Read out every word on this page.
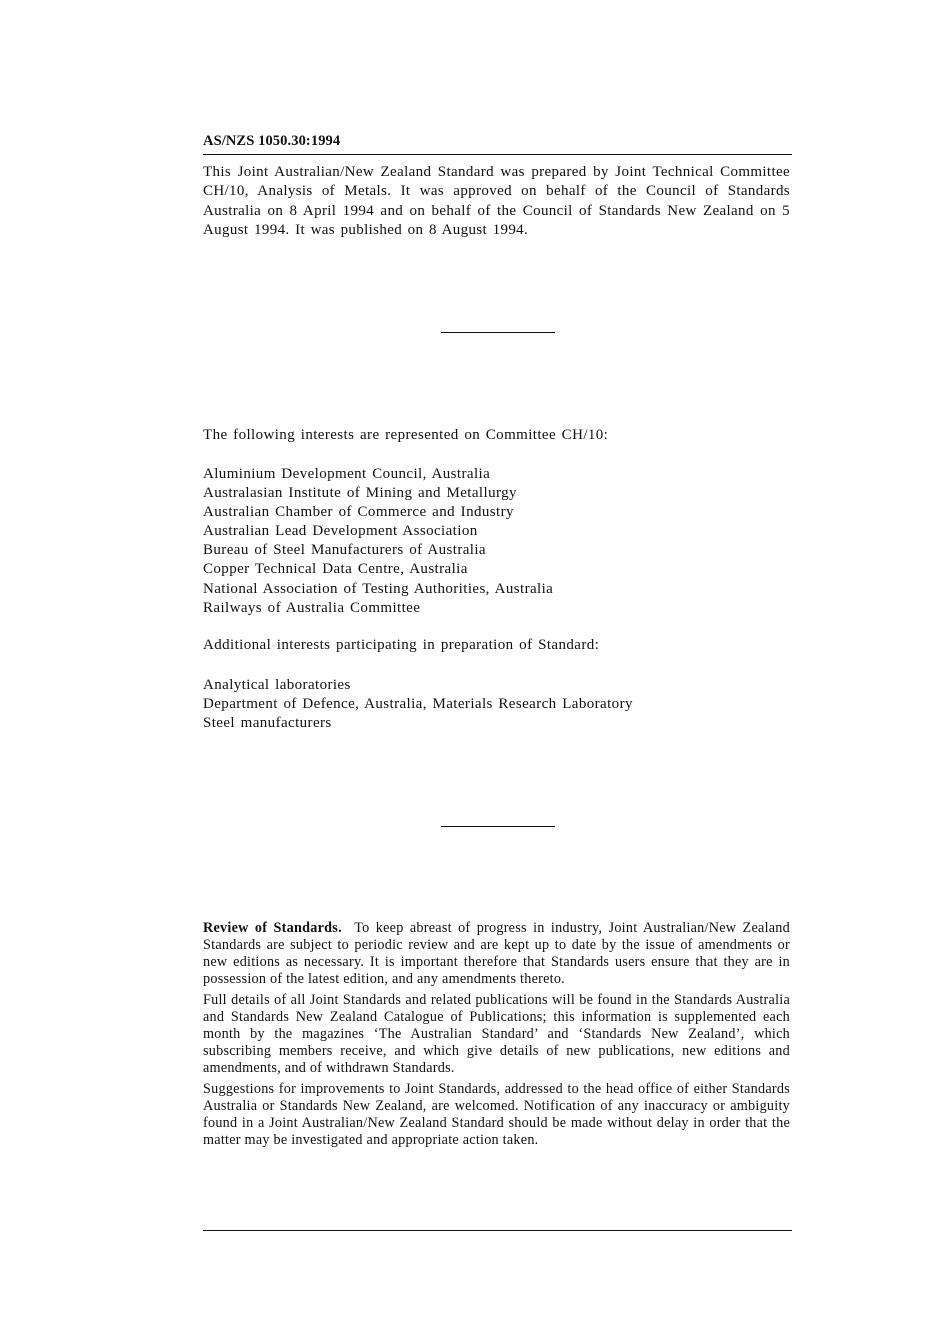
AS/NZS 1050.30:1994

This Joint Australian/New Zealand Standard was prepared by Joint Technical Committee CH/10, Analysis of Metals. It was approved on behalf of the Council of Standards Australia on 8 April 1994 and on behalf of the Council of Standards New Zealand on 5 August 1994. It was published on 8 August 1994.

The following interests are represented on Committee CH/10:
Aluminium Development Council, Australia
Australasian Institute of Mining and Metallurgy
Australian Chamber of Commerce and Industry
Australian Lead Development Association
Bureau of Steel Manufacturers of Australia
Copper Technical Data Centre, Australia
National Association of Testing Authorities, Australia
Railways of Australia Committee
Additional interests participating in preparation of Standard:
Analytical laboratories
Department of Defence, Australia, Materials Research Laboratory
Steel manufacturers

Review of Standards. To keep abreast of progress in industry, Joint Australian/New Zealand Standards are subject to periodic review and are kept up to date by the issue of amendments or new editions as necessary. It is important therefore that Standards users ensure that they are in possession of the latest edition, and any amendments thereto.

Full details of all Joint Standards and related publications will be found in the Standards Australia and Standards New Zealand Catalogue of Publications; this information is supplemented each month by the magazines ‘The Australian Standard’ and ‘Standards New Zealand’, which subscribing members receive, and which give details of new publications, new editions and amendments, and of withdrawn Standards.

Suggestions for improvements to Joint Standards, addressed to the head office of either Standards Australia or Standards New Zealand, are welcomed. Notification of any inaccuracy or ambiguity found in a Joint Australian/New Zealand Standard should be made without delay in order that the matter may be investigated and appropriate action taken.
